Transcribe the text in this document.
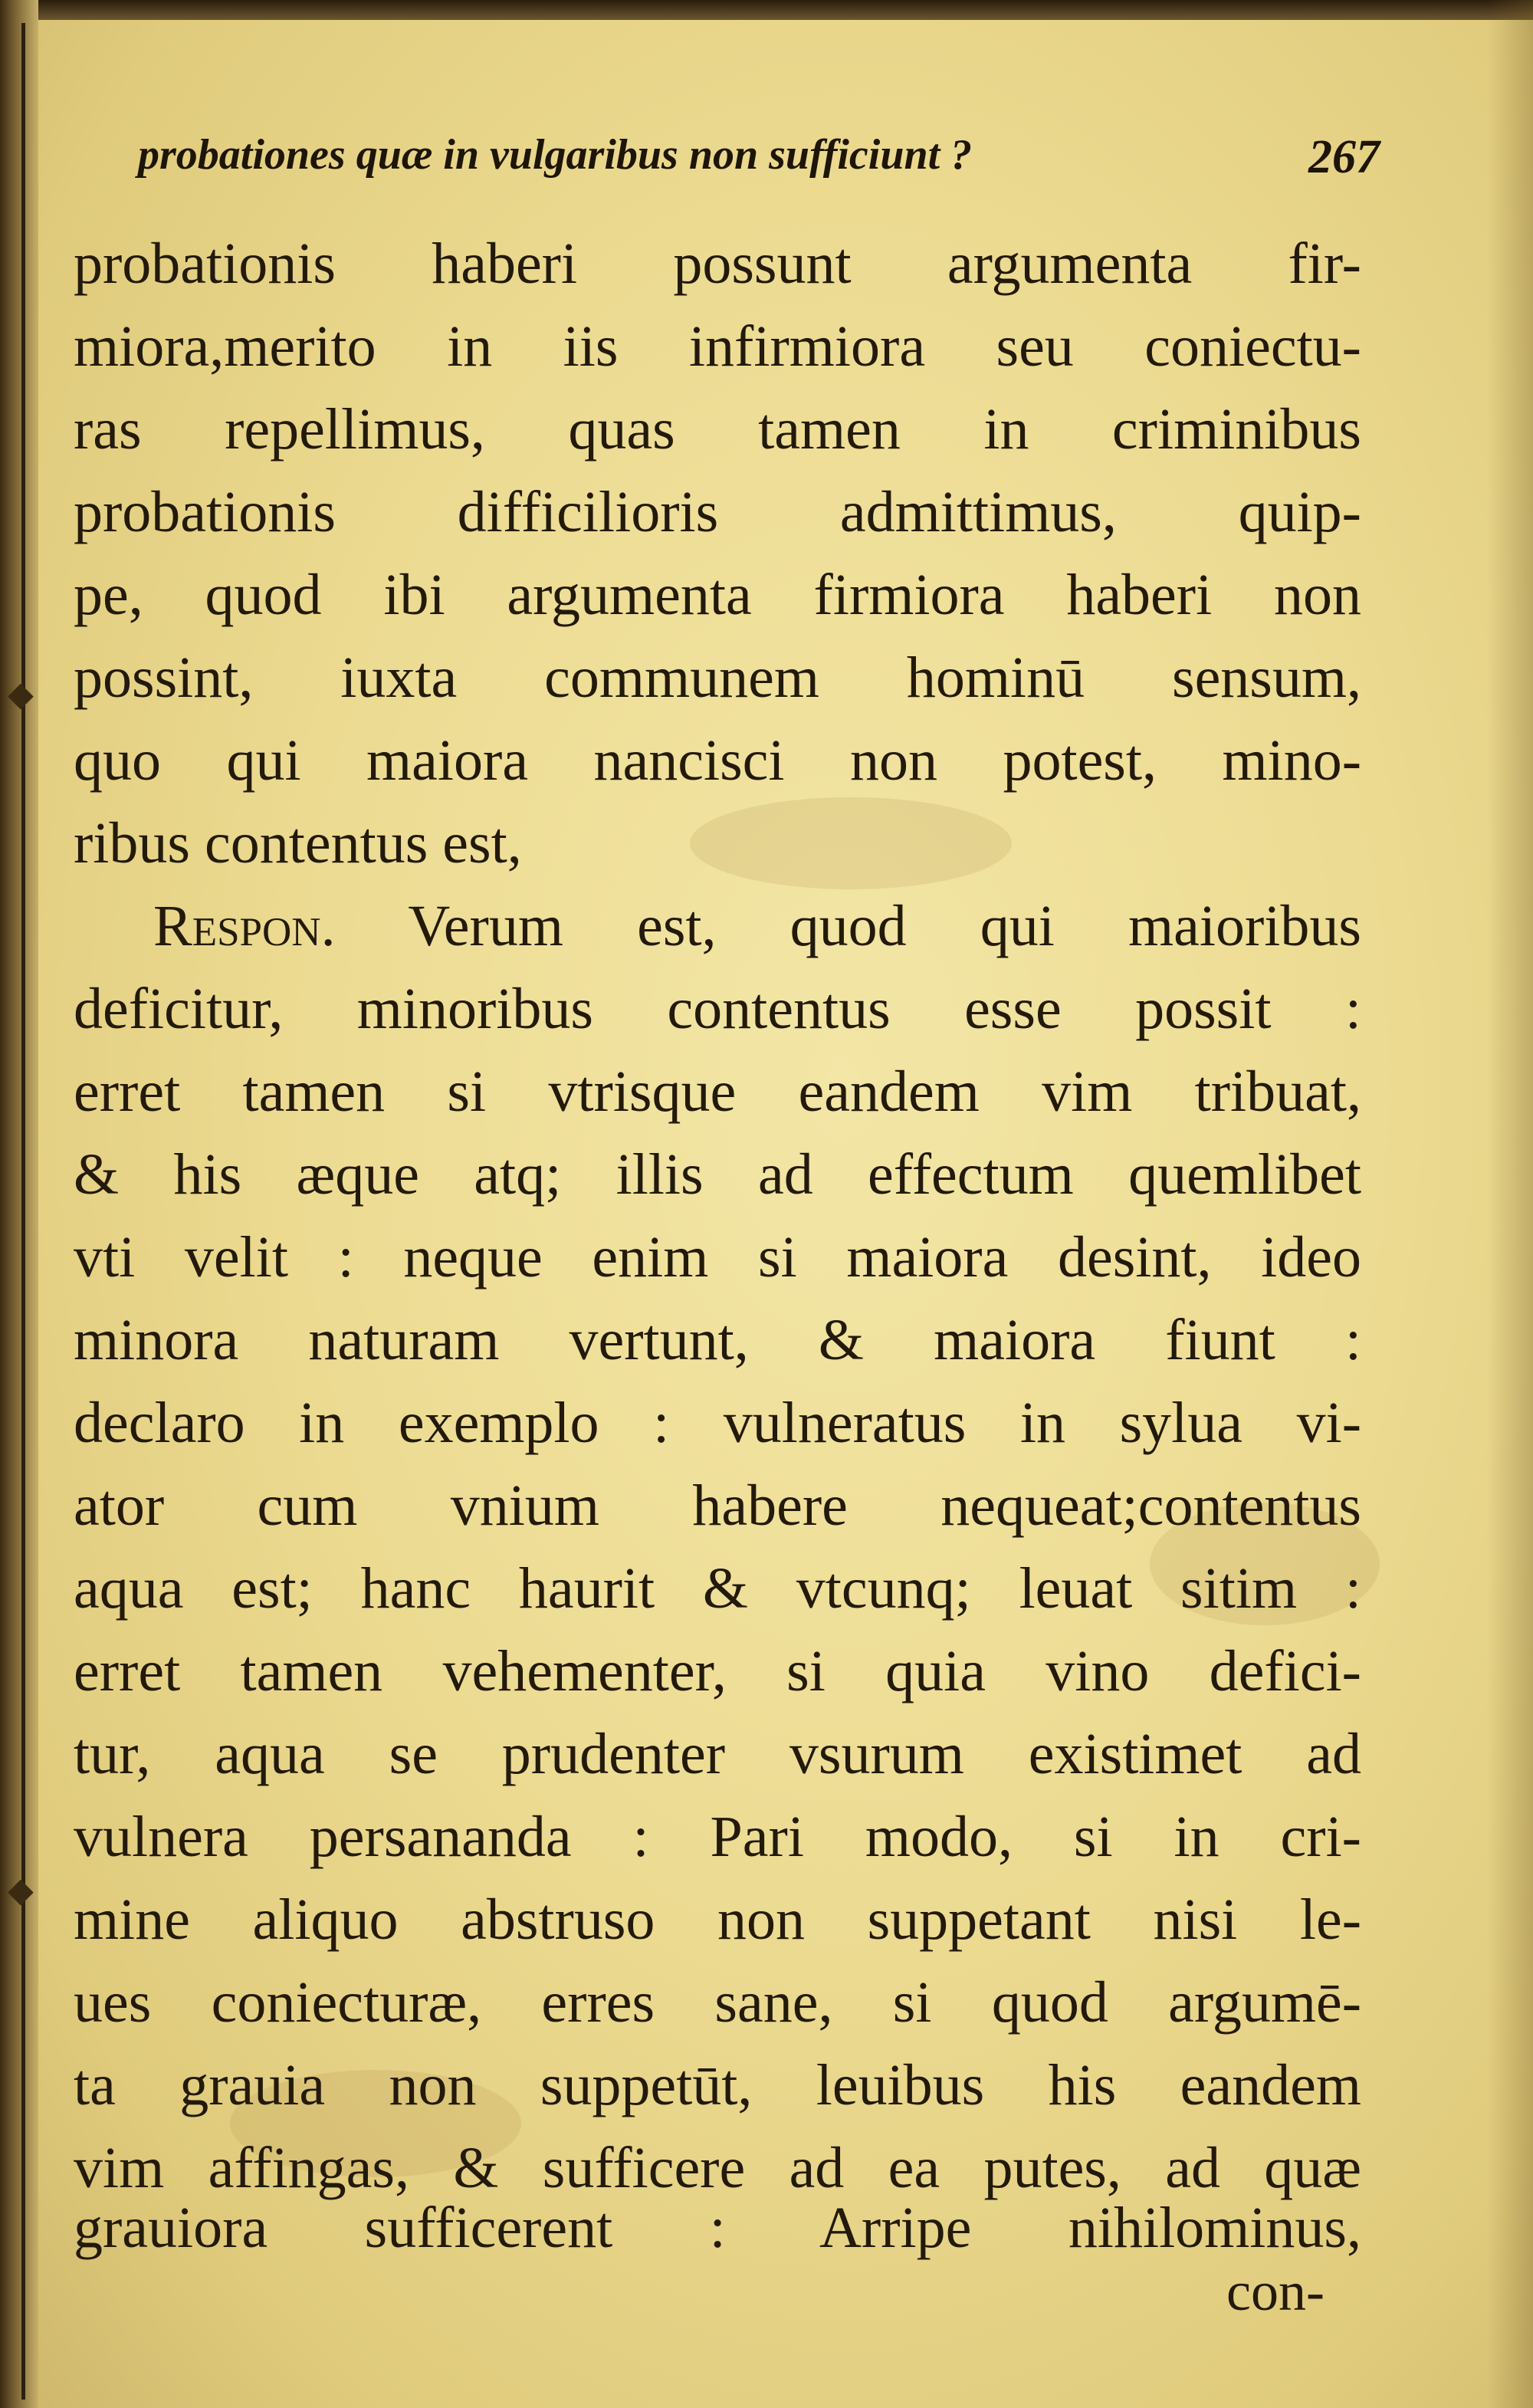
◆
◆
probationes quæ in vulgaribus non sufficiunt ?	267
probationis haberi possunt argumenta fir-
miora,merito in iis infirmiora seu coniectu-
ras repellimus, quas tamen in criminibus
probationis difficilioris admittimus, quip-
pe, quod ibi argumenta firmiora haberi non
possint, iuxta communem hominū sensum,
quo qui maiora nancisci non potest, mino-
ribus contentus est,
Respon. Verum est, quod qui maioribus
deficitur, minoribus contentus esse possit :
erret tamen si vtrisque eandem vim tribuat,
& his æque atq; illis ad effectum quemlibet
vti velit : neque enim si maiora desint, ideo
minora naturam vertunt, & maiora fiunt :
declaro in exemplo : vulneratus in sylua vi-
ator cum vnium habere nequeat;contentus
aqua est; hanc haurit & vtcunq; leuat sitim :
erret tamen vehementer, si quia vino defici-
tur, aqua se prudenter vsurum existimet ad
vulnera persananda : Pari modo, si in cri-
mine aliquo abstruso non suppetant nisi le-
ues coniecturæ, erres sane, si quod argumē-
ta grauia non suppetūt, leuibus his eandem
vim affingas, & sufficere ad ea putes, ad quæ
grauiora sufficerent : Arripe nihilominus,
con-
